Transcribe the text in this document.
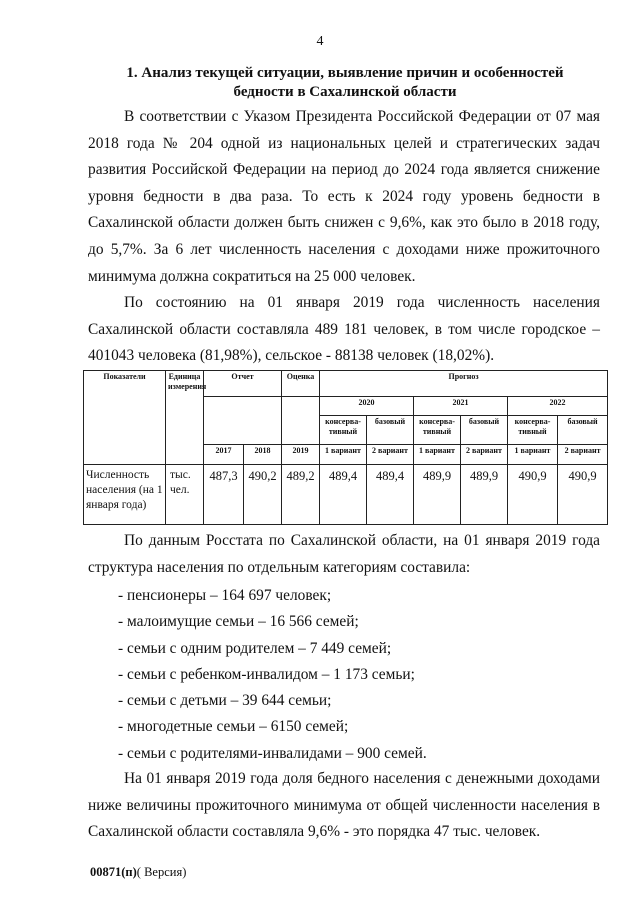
4
1. Анализ текущей ситуации, выявление причин и особенностей
бедности в Сахалинской области

В соответствии с Указом Президента Российской Федерации от 07 мая 2018 года № 204 одной из национальных целей и стратегических задач развития Российской Федерации на период до 2024 года является снижение уровня бедности в два раза. То есть к 2024 году уровень бедности в Сахалинской области должен быть снижен с 9,6%, как это было в 2018 году, до 5,7%. За 6 лет численность населения с доходами ниже прожиточного минимума должна сократиться на 25 000 человек.

По состоянию на 01 января 2019 года численность населения Сахалинской области составляла 489 181 человек, в том числе городское – 401043 человека (81,98%), сельское - 88138 человек (18,02%).

Показатели	Единица измерения	Отчет		Оценка	Прогноз					
					2020		2021		2022	
					консерва-тивный	базовый	консерва-тивный	базовый	консерва-тивный	базовый
		2017	2018	2019	1 вариант	2 вариант	1 вариант	2 вариант	1 вариант	2 вариант
Численность населения (на 1 января года)	тыс. чел.	487,3	490,2	489,2	489,4	489,4	489,9	489,9	490,9	490,9

По данным Росстата по Сахалинской области, на 01 января 2019 года структура населения по отдельным категориям составила:

- пенсионеры – 164 697 человек;
- малоимущие семьи – 16 566 семей;
- семьи с одним родителем – 7 449 семей;
- семьи с ребенком-инвалидом – 1 173 семьи;
- семьи с детьми – 39 644 семьи;
- многодетные семьи – 6150 семей;
- семьи с родителями-инвалидами – 900 семей.

На 01 января 2019 года доля бедного населения с денежными доходами ниже величины прожиточного минимума от общей численности населения в Сахалинской области составляла 9,6% - это порядка 47 тыс. человек.

00871(п)( Версия)
